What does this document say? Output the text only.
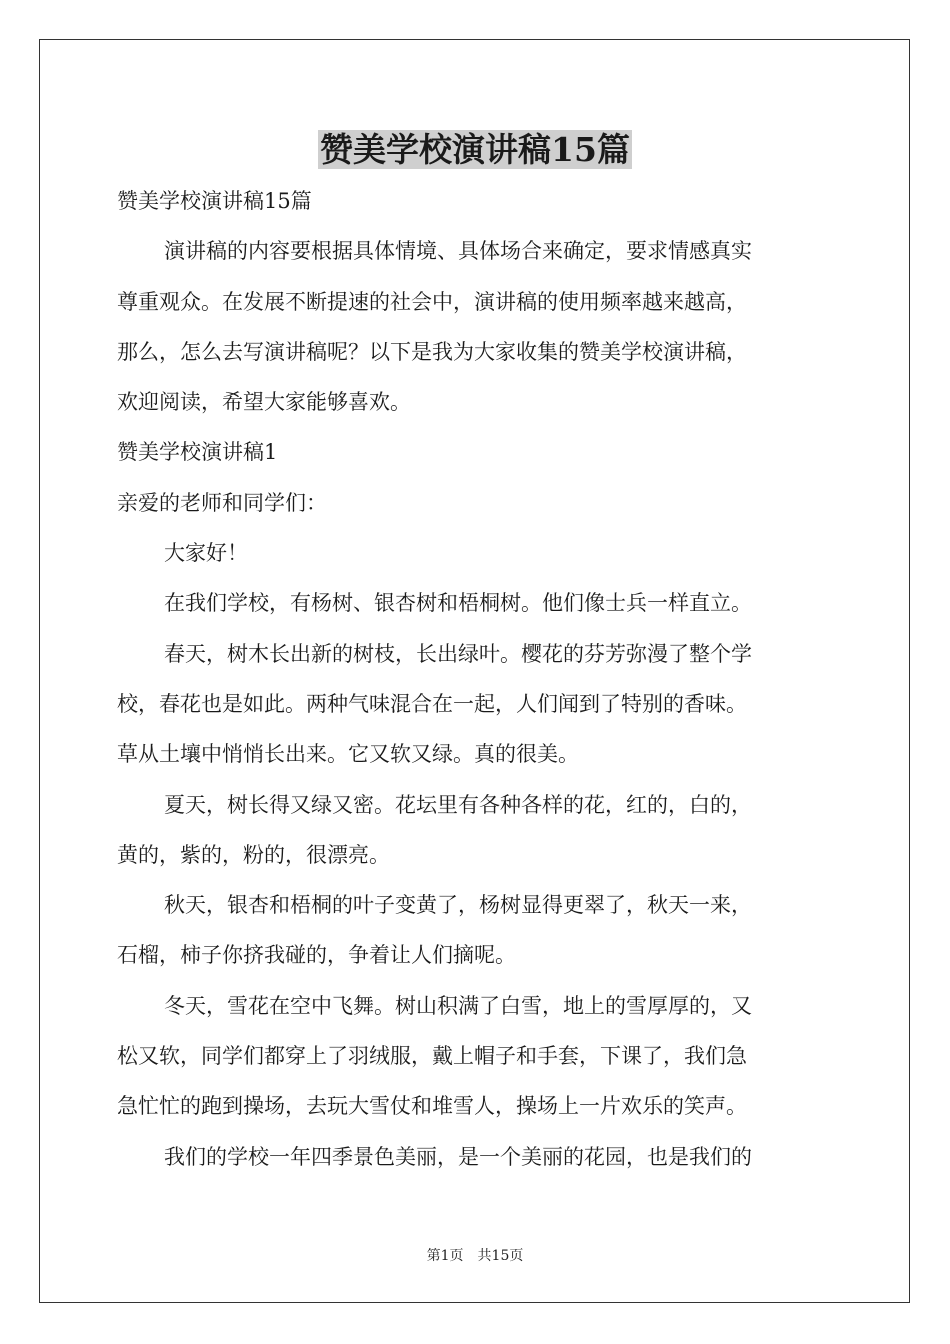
赞美学校演讲稿15篇
赞美学校演讲稿15篇
演讲稿的内容要根据具体情境、具体场合来确定，要求情感真实
尊重观众。在发展不断提速的社会中，演讲稿的使用频率越来越高，
那么，怎么去写演讲稿呢？以下是我为大家收集的赞美学校演讲稿，
欢迎阅读，希望大家能够喜欢。
赞美学校演讲稿1
亲爱的老师和同学们：
大家好！
在我们学校，有杨树、银杏树和梧桐树。他们像士兵一样直立。
春天，树木长出新的树枝，长出绿叶。樱花的芬芳弥漫了整个学
校，春花也是如此。两种气味混合在一起，人们闻到了特别的香味。
草从土壤中悄悄长出来。它又软又绿。真的很美。
夏天，树长得又绿又密。花坛里有各种各样的花，红的，白的，
黄的，紫的，粉的，很漂亮。
秋天，银杏和梧桐的叶子变黄了，杨树显得更翠了，秋天一来，
石榴，柿子你挤我碰的，争着让人们摘呢。
冬天，雪花在空中飞舞。树山积满了白雪，地上的雪厚厚的，又
松又软，同学们都穿上了羽绒服，戴上帽子和手套，下课了，我们急
急忙忙的跑到操场，去玩大雪仗和堆雪人，操场上一片欢乐的笑声。
我们的学校一年四季景色美丽，是一个美丽的花园，也是我们的
第1页 共15页
